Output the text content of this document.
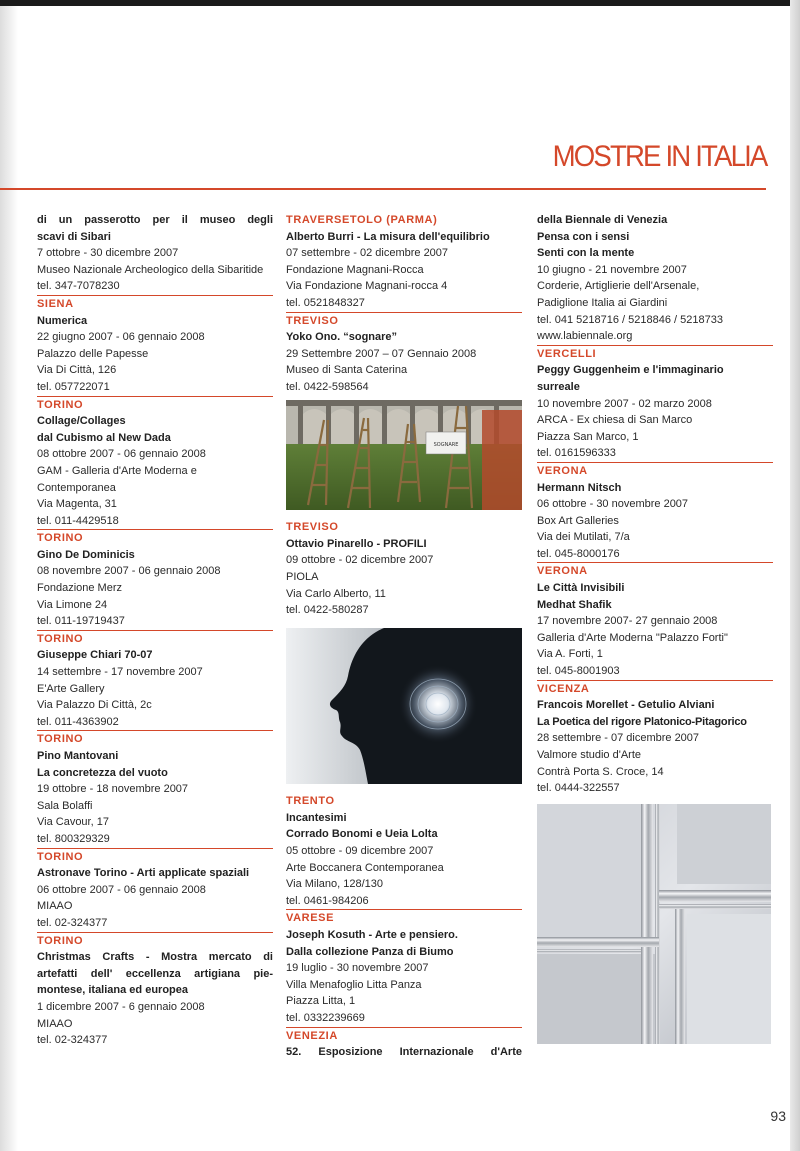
MOSTRE IN ITALIA
di un passerotto per il museo degli
scavi di Sibari
7 ottobre - 30 dicembre 2007
Museo Nazionale Archeologico della Sibaritide
tel. 347-7078230
SIENA
Numerica
22 giugno 2007 - 06 gennaio 2008
Palazzo delle Papesse
Via Di Città, 126
tel. 057722071
TORINO
Collage/Collages
dal Cubismo al New Dada
08 ottobre 2007 - 06 gennaio 2008
GAM - Galleria d'Arte Moderna e
Contemporanea
Via Magenta, 31
tel. 011-4429518
TORINO
Gino De Dominicis
08 novembre 2007 - 06 gennaio 2008
Fondazione Merz
Via Limone 24
tel. 011-19719437
TORINO
Giuseppe Chiari 70-07
14 settembre - 17 novembre 2007
E'Arte Gallery
Via Palazzo Di Città, 2c
tel. 011-4363902
TORINO
Pino Mantovani
La concretezza del vuoto
19 ottobre - 18 novembre 2007
Sala Bolaffi
Via Cavour, 17
tel. 800329329
TORINO
Astronave Torino - Arti applicate spaziali
06 ottobre 2007 - 06 gennaio 2008
MIAAO
tel. 02-324377
TORINO
Christmas Crafts - Mostra mercato di
artefatti dell' eccellenza artigiana pie-
montese, italiana ed europea
1 dicembre 2007 - 6 gennaio 2008
MIAAO
tel. 02-324377
TRAVERSETOLO (PARMA)
Alberto Burri - La misura dell'equilibrio
07 settembre - 02 dicembre 2007
Fondazione Magnani-Rocca
Via Fondazione Magnani-rocca 4
tel. 0521848327
TREVISO
Yoko Ono. “sognare”
29 Settembre 2007 – 07 Gennaio 2008
Museo di Santa Caterina
tel. 0422-598564
SOGNARE
TREVISO
Ottavio Pinarello - PROFILI
09 ottobre - 02 dicembre 2007
PIOLA
Via Carlo Alberto, 11
tel. 0422-580287
TRENTO
Incantesimi
Corrado Bonomi e Ueia Lolta
05 ottobre - 09 dicembre 2007
Arte Boccanera Contemporanea
Via Milano, 128/130
tel. 0461-984206
VARESE
Joseph Kosuth - Arte e pensiero.
Dalla collezione Panza di Biumo
19 luglio - 30 novembre 2007
Villa Menafoglio Litta Panza
Piazza Litta, 1
tel. 0332239669
VENEZIA
52. Esposizione Internazionale d'Arte
della Biennale di Venezia
Pensa con i sensi
Senti con la mente
10 giugno - 21 novembre 2007
Corderie, Artiglierie dell'Arsenale,
Padiglione Italia ai Giardini
tel. 041 5218716 / 5218846 / 5218733
www.labiennale.org
VERCELLI
Peggy Guggenheim e l'immaginario
surreale
10 novembre 2007 - 02 marzo 2008
ARCA - Ex chiesa di San Marco
Piazza San Marco, 1
tel. 0161596333
VERONA
Hermann Nitsch
06 ottobre - 30 novembre 2007
Box Art Galleries
Via dei Mutilati, 7/a
tel. 045-8000176
VERONA
Le Città Invisibili
Medhat Shafik
17 novembre 2007- 27 gennaio 2008
Galleria d'Arte Moderna "Palazzo Forti"
Via A. Forti, 1
tel. 045-8001903
VICENZA
Francois Morellet - Getulio Alviani
La Poetica del rigore Platonico-Pitagorico
28 settembre - 07 dicembre 2007
Valmore studio d'Arte
Contrà Porta S. Croce, 14
tel. 0444-322557
93
